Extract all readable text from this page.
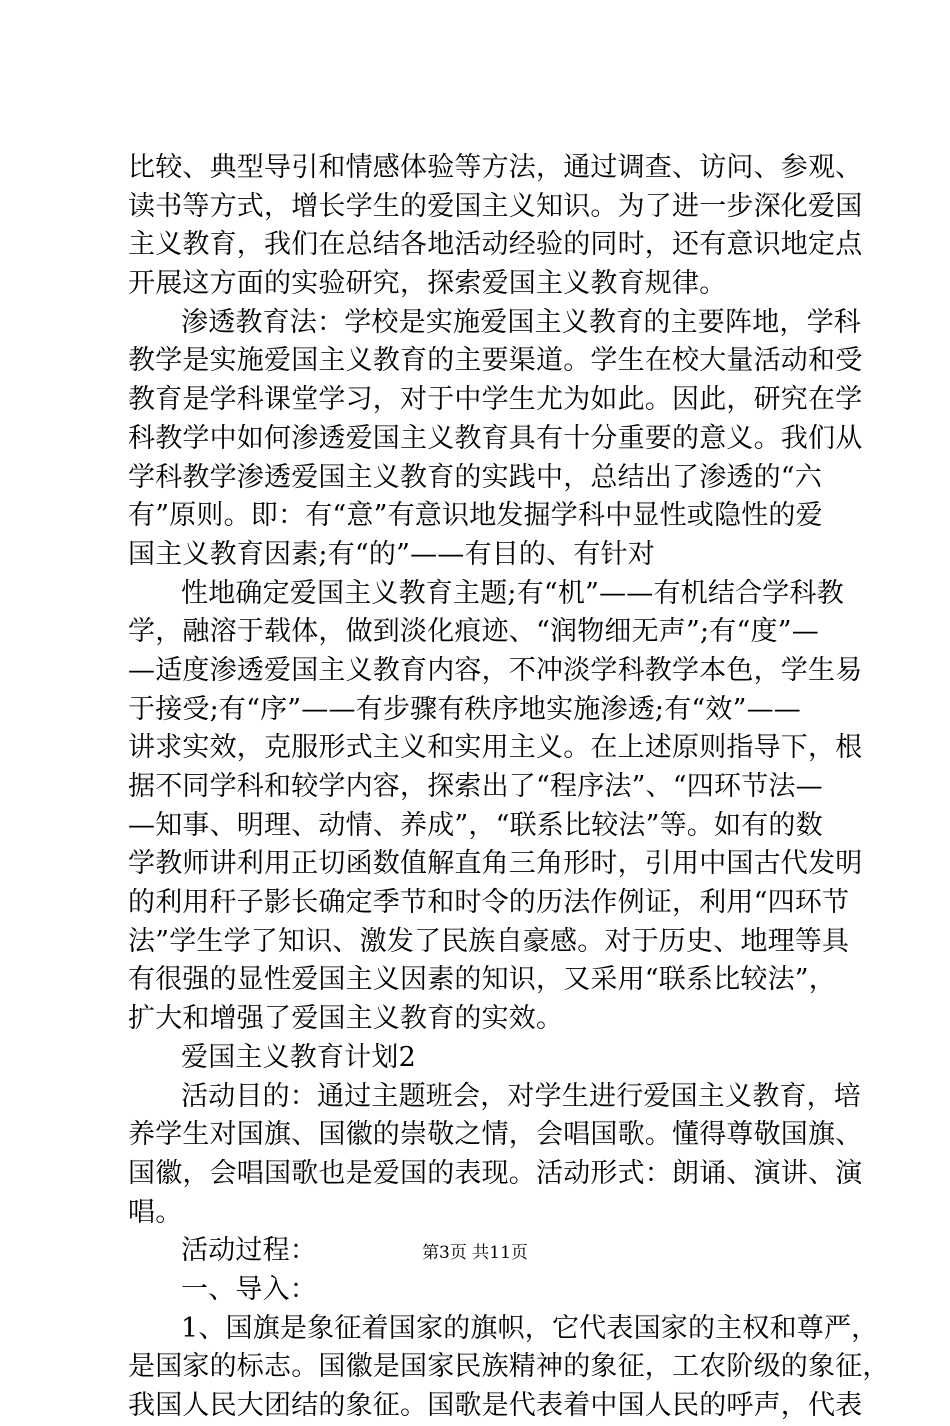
比较、典型导引和情感体验等方法，通过调查、访问、参观、
读书等方式，增长学生的爱国主义知识。为了进一步深化爱国
主义教育，我们在总结各地活动经验的同时，还有意识地定点
开展这方面的实验研究，探索爱国主义教育规律。
渗透教育法：学校是实施爱国主义教育的主要阵地，学科
教学是实施爱国主义教育的主要渠道。学生在校大量活动和受
教育是学科课堂学习，对于中学生尤为如此。因此，研究在学
科教学中如何渗透爱国主义教育具有十分重要的意义。我们从
学科教学渗透爱国主义教育的实践中，总结出了渗透的“六
有”原则。即：有“意”有意识地发掘学科中显性或隐性的爱
国主义教育因素;有“的”——有目的、有针对
性地确定爱国主义教育主题;有“机”——有机结合学科教
学，融溶于载体，做到淡化痕迹、“润物细无声”;有“度”—
—适度渗透爱国主义教育内容，不冲淡学科教学本色，学生易
于接受;有“序”——有步骤有秩序地实施渗透;有“效”——
讲求实效，克服形式主义和实用主义。在上述原则指导下，根
据不同学科和较学内容，探索出了“程序法”、“四环节法—
—知事、明理、动情、养成”，“联系比较法”等。如有的数
学教师讲利用正切函数值解直角三角形时，引用中国古代发明
的利用秆子影长确定季节和时令的历法作例证，利用“四环节
法”学生学了知识、激发了民族自豪感。对于历史、地理等具
有很强的显性爱国主义因素的知识，又采用“联系比较法”，
扩大和增强了爱国主义教育的实效。
爱国主义教育计划2
活动目的：通过主题班会，对学生进行爱国主义教育，培
养学生对国旗、国徽的崇敬之情，会唱国歌。懂得尊敬国旗、
国徽，会唱国歌也是爱国的表现。活动形式：朗诵、演讲、演
唱。
活动过程：
一、导入：
1、国旗是象征着国家的旗帜，它代表国家的主权和尊严，
是国家的标志。国徽是国家民族精神的象征，工农阶级的象征，
我国人民大团结的象征。国歌是代表着中国人民的呼声，代表
第3页 共11页
